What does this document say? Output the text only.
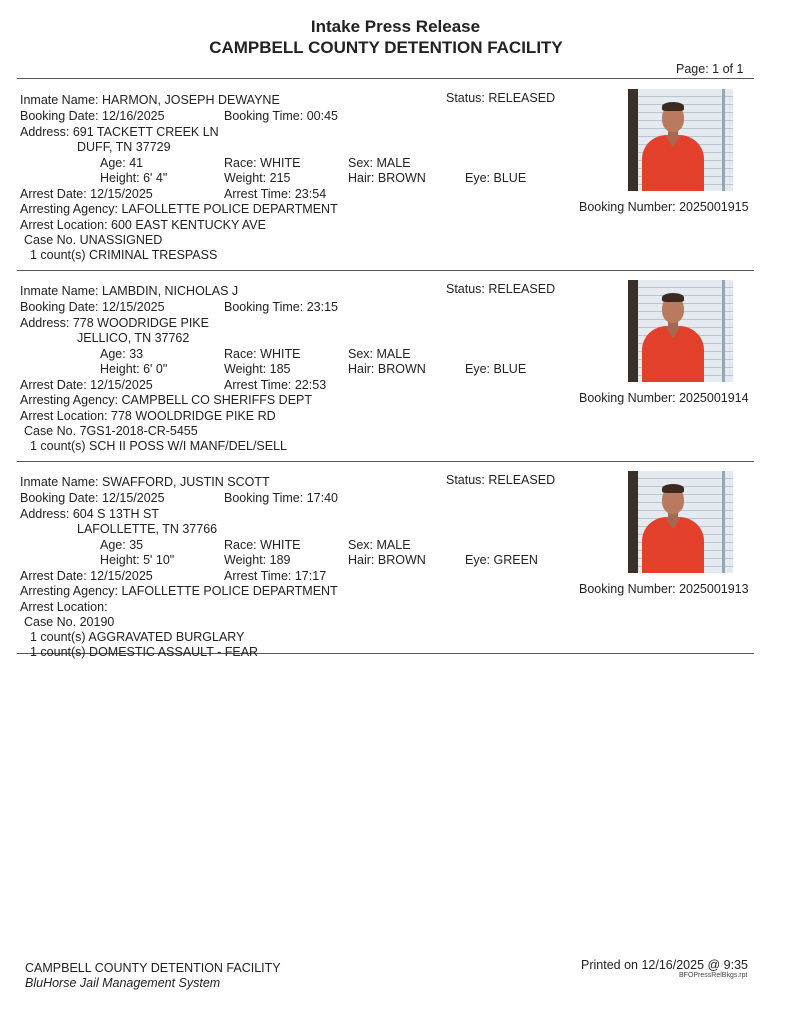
Intake Press Release
CAMPBELL COUNTY DETENTION FACILITY
Page: 1 of 1
Inmate Name: HARMON, JOSEPH DEWAYNE	Status: RELEASED
Booking Date: 12/16/2025	Booking Time: 00:45
Address: 691 TACKETT CREEK LN
DUFF, TN 37729
Age: 41	Race: WHITE	Sex: MALE
Height: 6' 4"	Weight: 215	Hair: BROWN	Eye: BLUE
Arrest Date: 12/15/2025	Arrest Time: 23:54
Arresting Agency: LAFOLLETTE POLICE DEPARTMENT
Arrest Location: 600 EAST KENTUCKY AVE
Case No. UNASSIGNED
1 count(s) CRIMINAL TRESPASS
Booking Number: 2025001915
Inmate Name: LAMBDIN, NICHOLAS J	Status: RELEASED
Booking Date: 12/15/2025	Booking Time: 23:15
Address: 778 WOODRIDGE PIKE
JELLICO, TN 37762
Age: 33	Race: WHITE	Sex: MALE
Height: 6' 0"	Weight: 185	Hair: BROWN	Eye: BLUE
Arrest Date: 12/15/2025	Arrest Time: 22:53
Arresting Agency: CAMPBELL CO SHERIFFS DEPT
Arrest Location: 778 WOOLDRIDGE PIKE RD
Case No. 7GS1-2018-CR-5455
1 count(s) SCH II POSS W/I MANF/DEL/SELL
Booking Number: 2025001914
Inmate Name: SWAFFORD, JUSTIN SCOTT	Status: RELEASED
Booking Date: 12/15/2025	Booking Time: 17:40
Address: 604 S 13TH ST
LAFOLLETTE, TN 37766
Age: 35	Race: WHITE	Sex: MALE
Height: 5' 10"	Weight: 189	Hair: BROWN	Eye: GREEN
Arrest Date: 12/15/2025	Arrest Time: 17:17
Arresting Agency: LAFOLLETTE POLICE DEPARTMENT
Arrest Location:
Case No. 20190
1 count(s) AGGRAVATED BURGLARY
1 count(s) DOMESTIC ASSAULT - FEAR
Booking Number: 2025001913
CAMPBELL COUNTY DETENTION FACILITY
BluHorse Jail Management System
Printed on 12/16/2025 @ 9:35
BFOPressRelBkgs.rpt
